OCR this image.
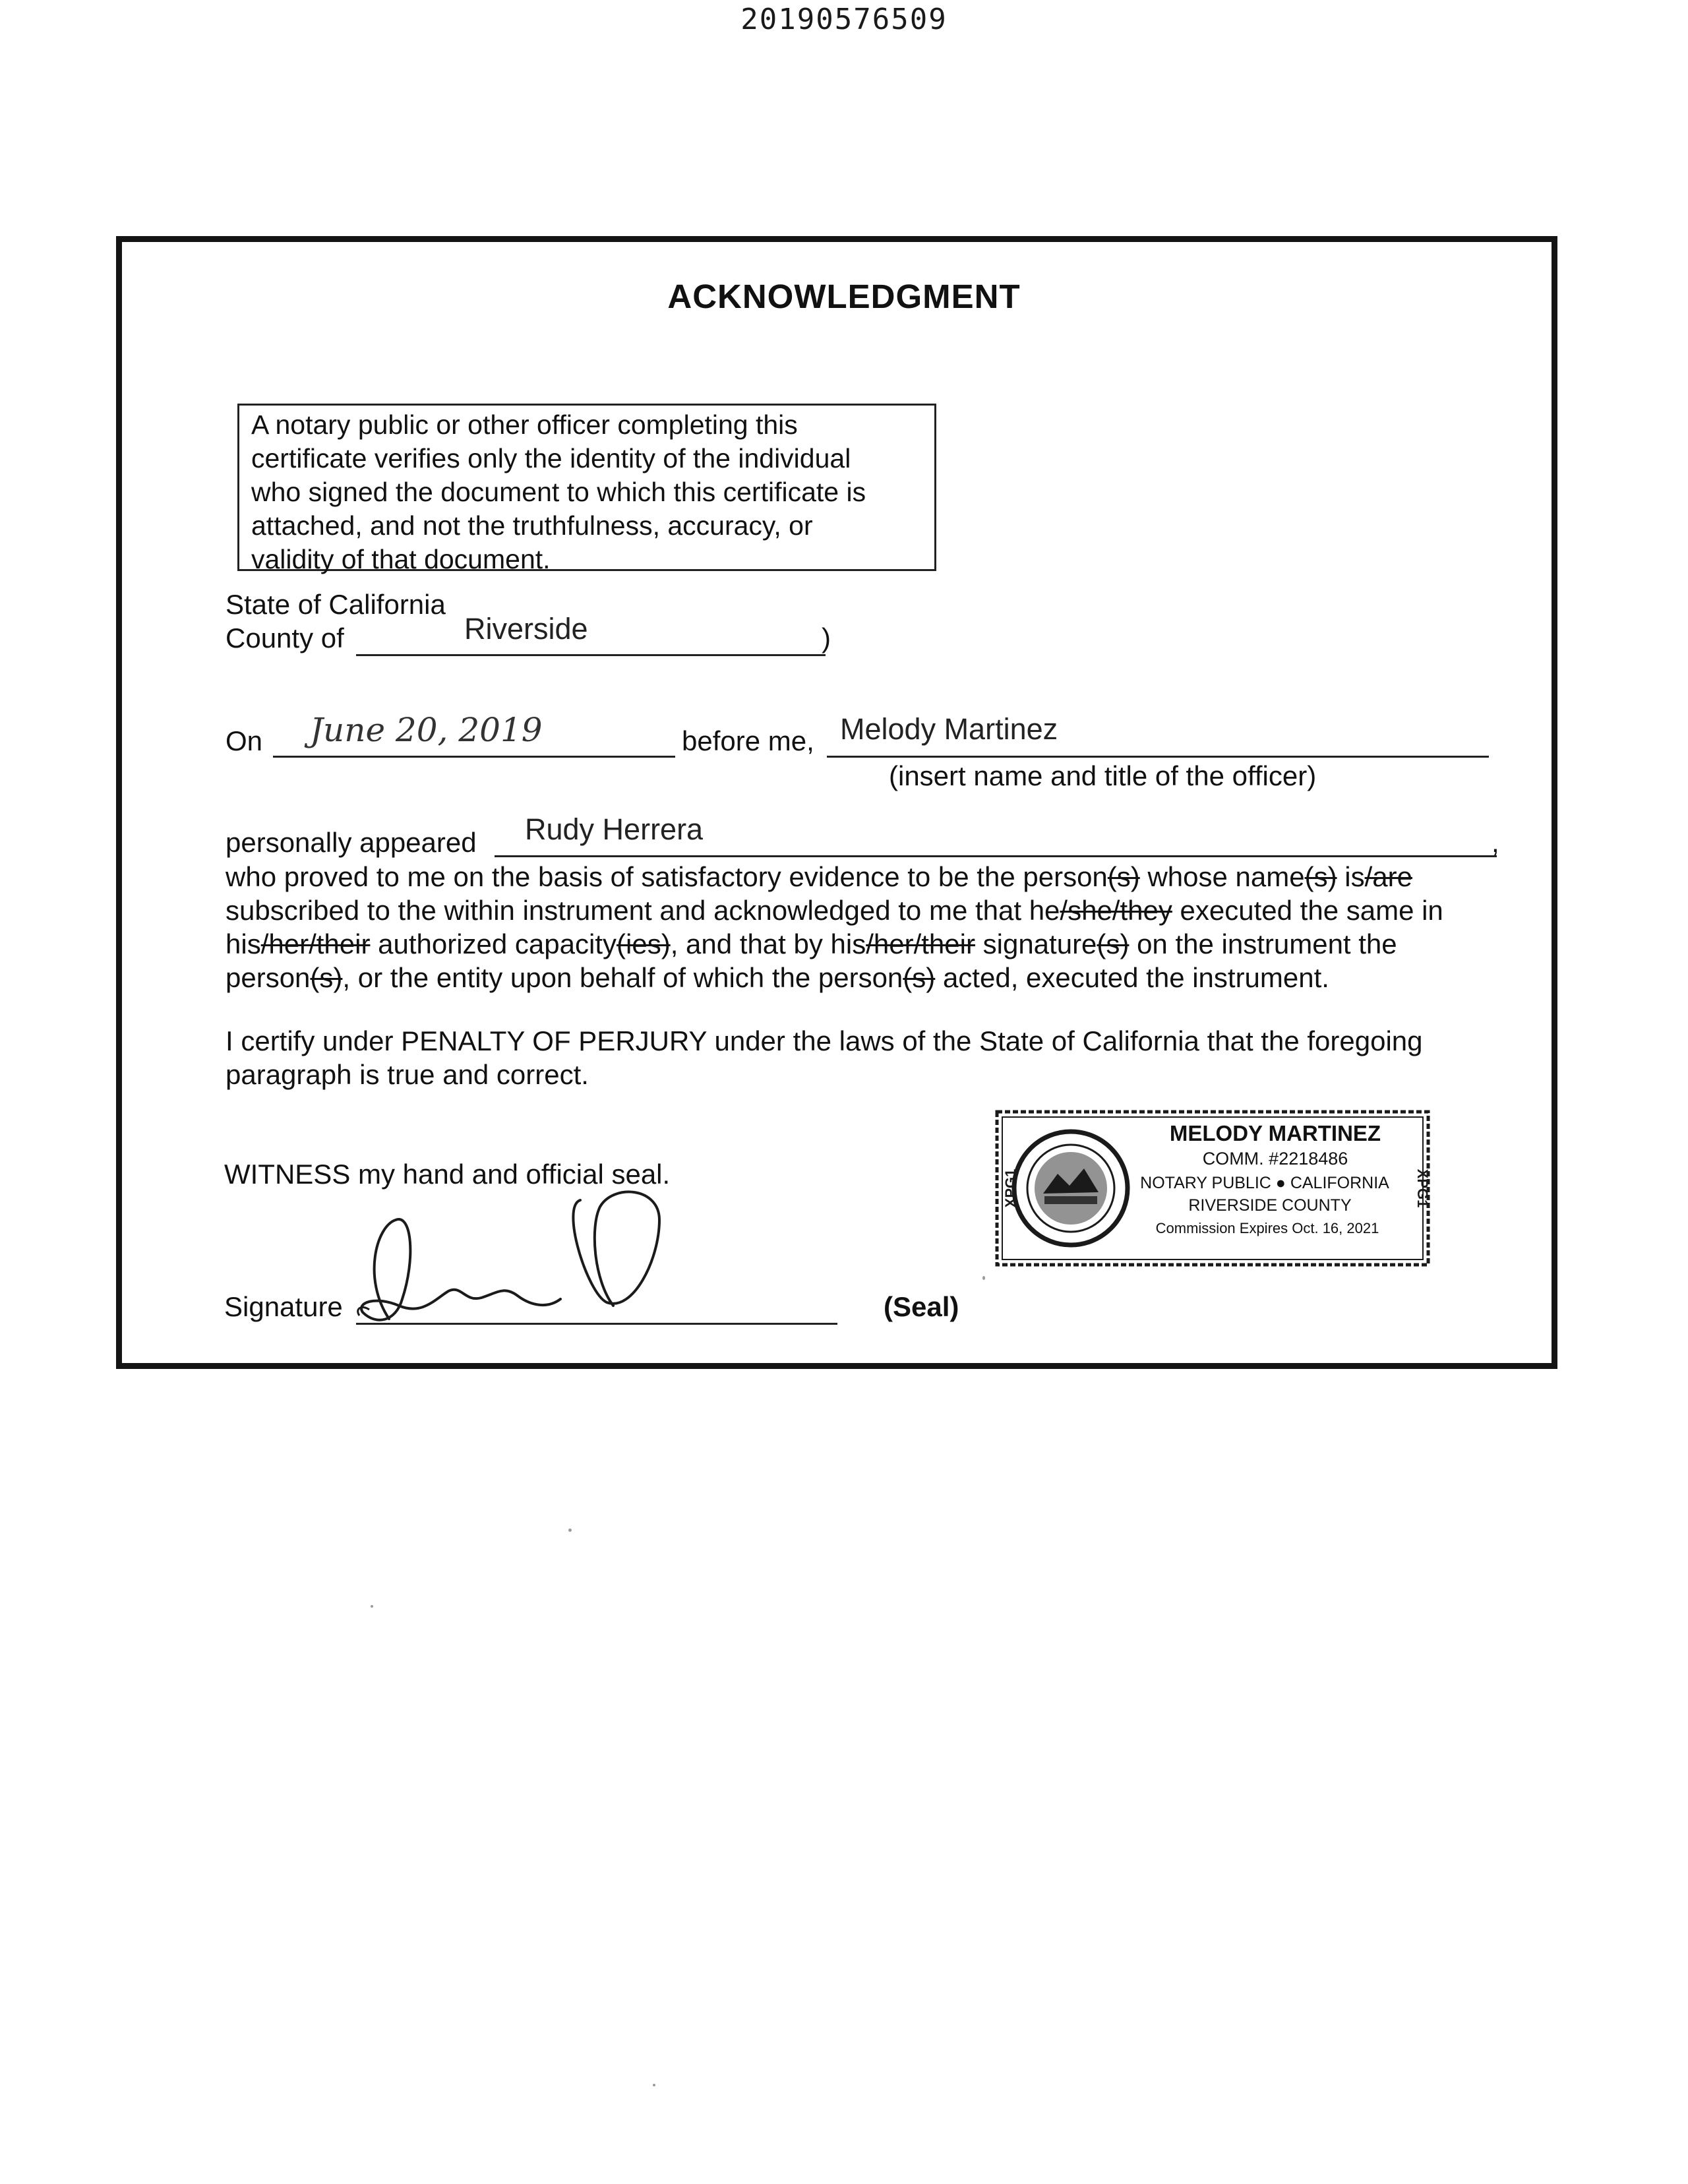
20190576509
ACKNOWLEDGMENT
A notary public or other officer completing this
certificate verifies only the identity of the individual
who signed the document to which this certificate is
attached, and not the truthfulness, accuracy, or
validity of that document.
State of California
County of	Riverside	)
On June 20, 2019	before me, Melody Martinez
(insert name and title of the officer)
personally appeared Rudy Herrera	,
who proved to me on the basis of satisfactory evidence to be the person(s) whose name(s) is/are
subscribed to the within instrument and acknowledged to me that he/she/they executed the same in
his/her/their authorized capacity(ies), and that by his/her/their signature(s) on the instrument the
person(s), or the entity upon behalf of which the person(s) acted, executed the instrument.
I certify under PENALTY OF PERJURY under the laws of the State of California that the foregoing
paragraph is true and correct.
WITNESS my hand and official seal.
Signature	(Seal)
XPG1	XPG1
MELODY MARTINEZ
COMM. #2218486
NOTARY PUBLIC ● CALIFORNIA
RIVERSIDE COUNTY
Commission Expires Oct. 16, 2021
